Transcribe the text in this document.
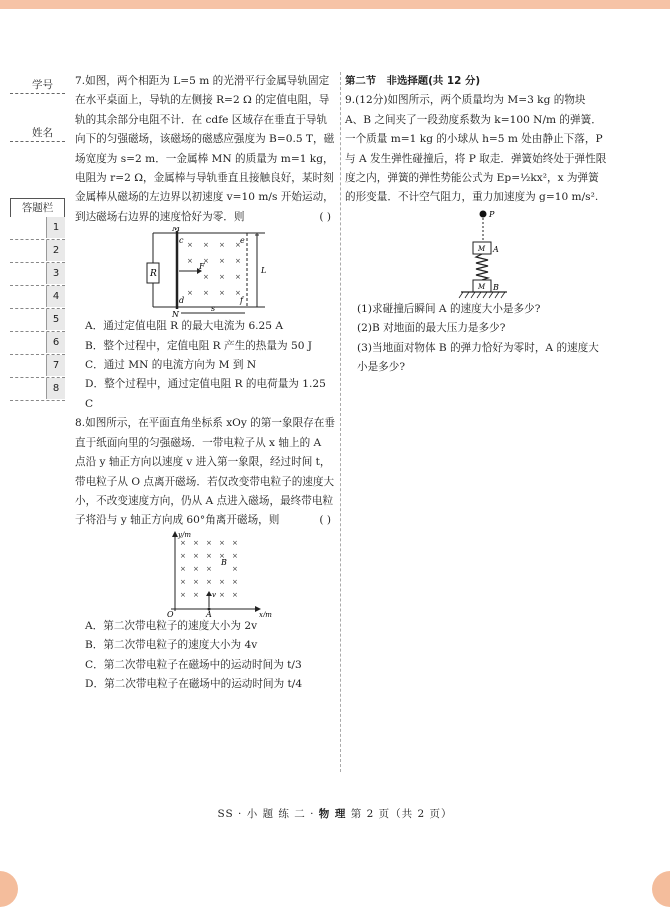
学号
姓名
答题栏
1
2
3
4
5
6
7
8

7.如图，两个相距为 L=5 m 的光滑平行金属导轨固定在水平桌面上，导轨的左侧接 R=2 Ω 的定值电阻，导轨的其余部分电阻不计．在 cdfe 区域存在垂直于导轨向下的匀强磁场，该磁场的磁感应强度为 B=0.5 T，磁场宽度为 s=2 m．一金属棒 MN 的质量为 m=1 kg，电阻为 r=2 Ω，金属棒与导轨垂直且接触良好，某时刻金属棒从磁场的左边界以初速度 v=10 m/s 开始运动，到达磁场右边界的速度恰好为零．则	( )

× × × ×
× × × ×
× × ×
× × × ×
R
M
N
c
d
e
f
F	L
s

A．通过定值电阻 R 的最大电流为 6.25 A

B．整个过程中，定值电阻 R 产生的热量为 50 J

C．通过 MN 的电流方向为 M 到 N

D．整个过程中，通过定值电阻 R 的电荷量为 1.25 C

8.如图所示，在平面直角坐标系 xOy 的第一象限存在垂直于纸面向里的匀强磁场．一带电粒子从 x 轴上的 A 点沿 y 轴正方向以速度 v 进入第一象限，经过时间 t，带电粒子从 O 点离开磁场．若仅改变带电粒子的速度大小，不改变速度方向，仍从 A 点进入磁场，最终带电粒子将沿与 y 轴正方向成 60°角离开磁场，则	( )

× × × × ×
× × × × ×
× × ×	×
× × × × ×
× ×	× ×
y/m
x/m
O	A
B
v

A．第二次带电粒子的速度大小为 2v

B．第二次带电粒子的速度大小为 4v

C．第二次带电粒子在磁场中的运动时间为 t/3

D．第二次带电粒子在磁场中的运动时间为 t/4

第二节　非选择题(共 12 分)

9.(12分)如图所示，两个质量均为 M=3 kg 的物块 A、B 之间夹了一段劲度系数为 k=100 N/m 的弹簧．一个质量 m=1 kg 的小球从 h=5 m 处由静止下落，P 与 A 发生弹性碰撞后，将 P 取走．弹簧始终处于弹性限度之内，弹簧的弹性势能公式为 Ep=½kx²，x 为弹簧的形变量．不计空气阻力，重力加速度为 g=10 m/s².

P
M A
M B

(1)求碰撞后瞬间 A 的速度大小是多少?

(2)B 对地面的最大压力是多少?

(3)当地面对物体 B 的弹力恰好为零时，A 的速度大小是多少?

SS · 小 题 练 二 · 物 理 第 2 页（共 2 页）
